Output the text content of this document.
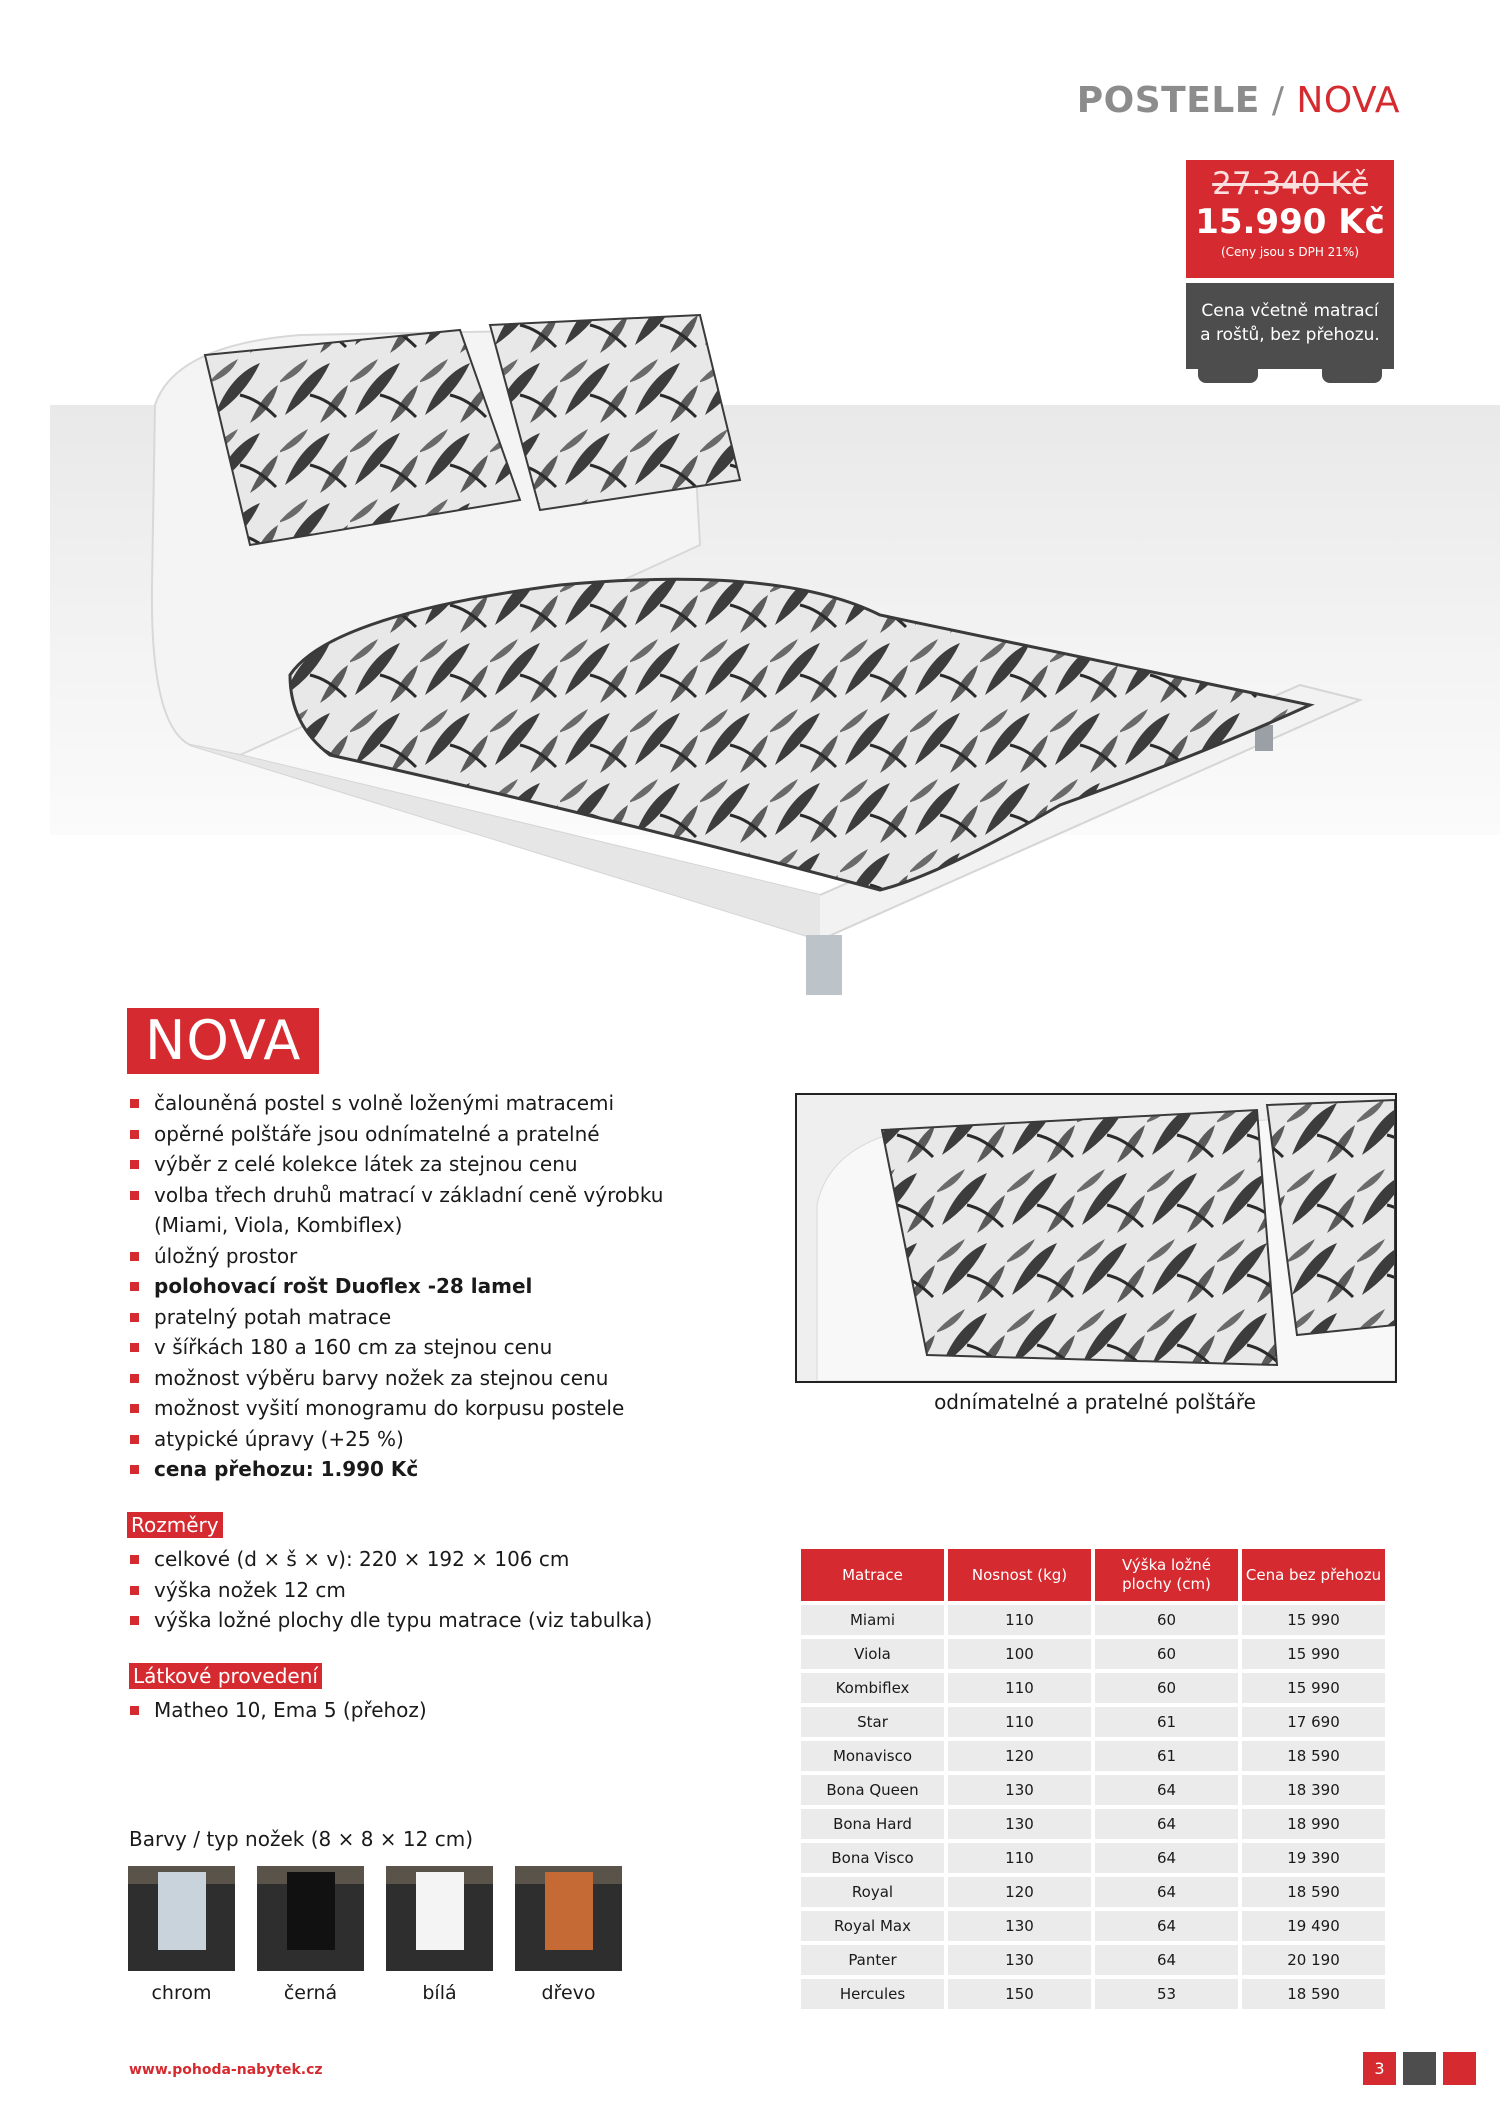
POSTELE / NOVA
27.340 Kč
15.990 Kč
(Ceny jsou s DPH 21%)
Cena včetně matrací
a roštů, bez přehozu.
NOVA
čalouněná postel s volně loženými matracemi
opěrné polštáře jsou odnímatelné a pratelné
výběr z celé kolekce látek za stejnou cenu
volba třech druhů matrací v základní ceně výrobku
(Miami, Viola, Kombiflex)
úložný prostor
polohovací rošt Duoflex -28 lamel
pratelný potah matrace
v šířkách 180 a 160 cm za stejnou cenu
možnost výběru barvy nožek za stejnou cenu
možnost vyšití monogramu do korpusu postele
atypické úpravy (+25 %)
cena přehozu: 1.990 Kč
Rozměry
celkové (d × š × v): 220 × 192 × 106 cm
výška nožek 12 cm
výška ložné plochy dle typu matrace (viz tabulka)
Látkové provedení
Matheo 10, Ema 5 (přehoz)
Barvy / typ nožek (8 × 8 × 12 cm)
chrom	černá	bílá	dřevo
odnímatelné a pratelné polštáře
Matrace	Nosnost (kg)	Výška ložné plochy (cm)	Cena bez přehozu
Miami	110	60	15 990
Viola	100	60	15 990
Kombiflex	110	60	15 990
Star	110	61	17 690
Monavisco	120	61	18 590
Bona Queen	130	64	18 390
Bona Hard	130	64	18 990
Bona Visco	110	64	19 390
Royal	120	64	18 590
Royal Max	130	64	19 490
Panter	130	64	20 190
Hercules	150	53	18 590
www.pohoda-nabytek.cz	3
